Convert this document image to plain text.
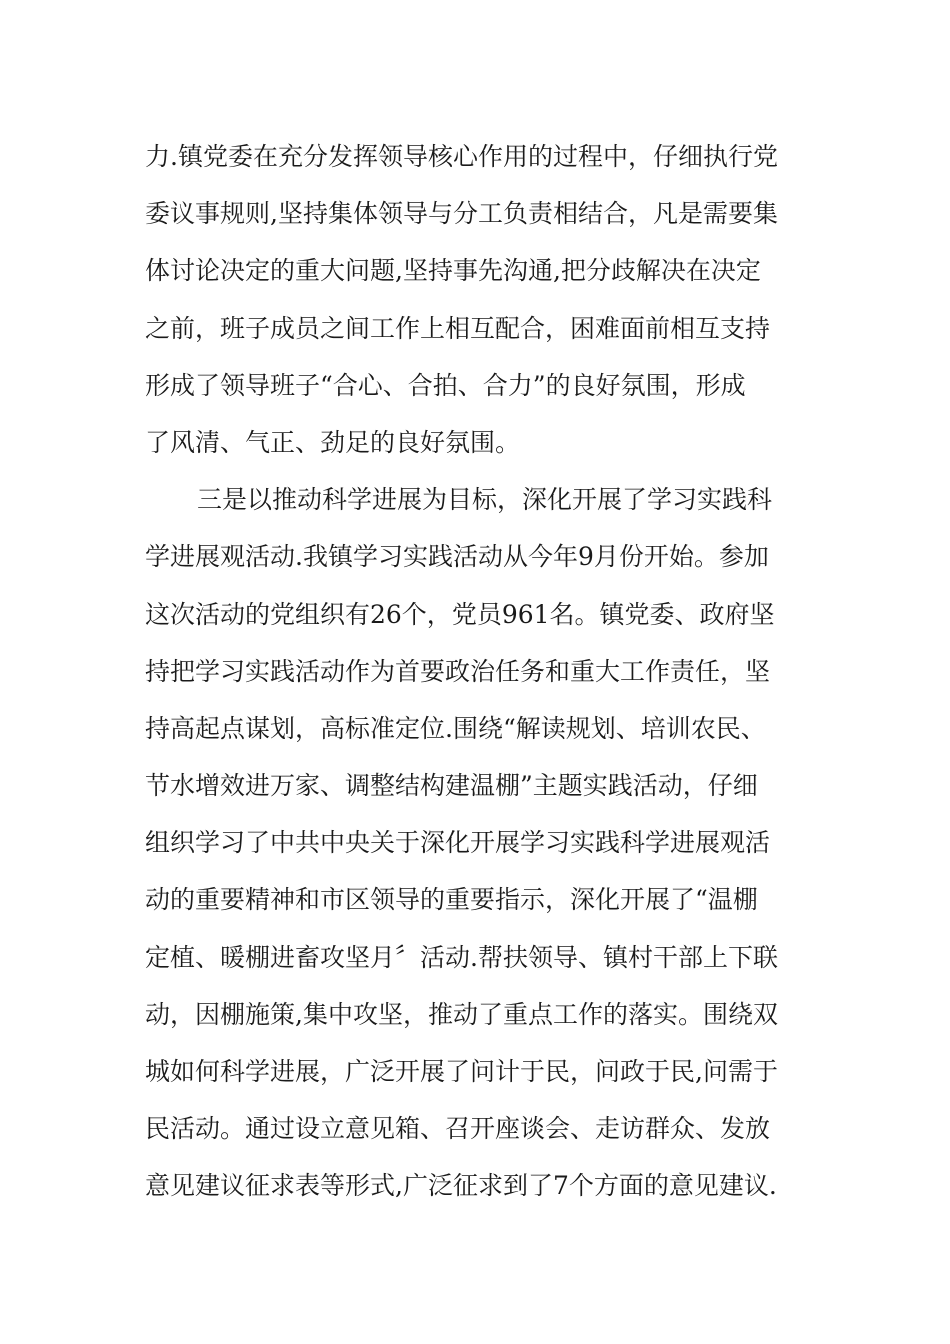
力.镇党委在充分发挥领导核心作用的过程中，仔细执行党
委议事规则,坚持集体领导与分工负责相结合，凡是需要集
体讨论决定的重大问题,坚持事先沟通,把分歧解决在决定
之前，班子成员之间工作上相互配合，困难面前相互支持
形成了领导班子“合心、合拍、合力”的良好氛围，形成
了风清、气正、劲足的良好氛围。
三是以推动科学进展为目标，深化开展了学习实践科
学进展观活动.我镇学习实践活动从今年9月份开始。参加
这次活动的党组织有26个，党员961名。镇党委、政府坚
持把学习实践活动作为首要政治任务和重大工作责任，坚
持高起点谋划，高标准定位.围绕“解读规划、培训农民、
节水增效进万家、调整结构建温棚”主题实践活动，仔细
组织学习了中共中央关于深化开展学习实践科学进展观活
动的重要精神和市区领导的重要指示，深化开展了“温棚
定植、暖棚进畜攻坚月〞活动.帮扶领导、镇村干部上下联
动，因棚施策,集中攻坚，推动了重点工作的落实。围绕双
城如何科学进展，广泛开展了问计于民，问政于民,问需于
民活动。通过设立意见箱、召开座谈会、走访群众、发放
意见建议征求表等形式,广泛征求到了7个方面的意见建议.
